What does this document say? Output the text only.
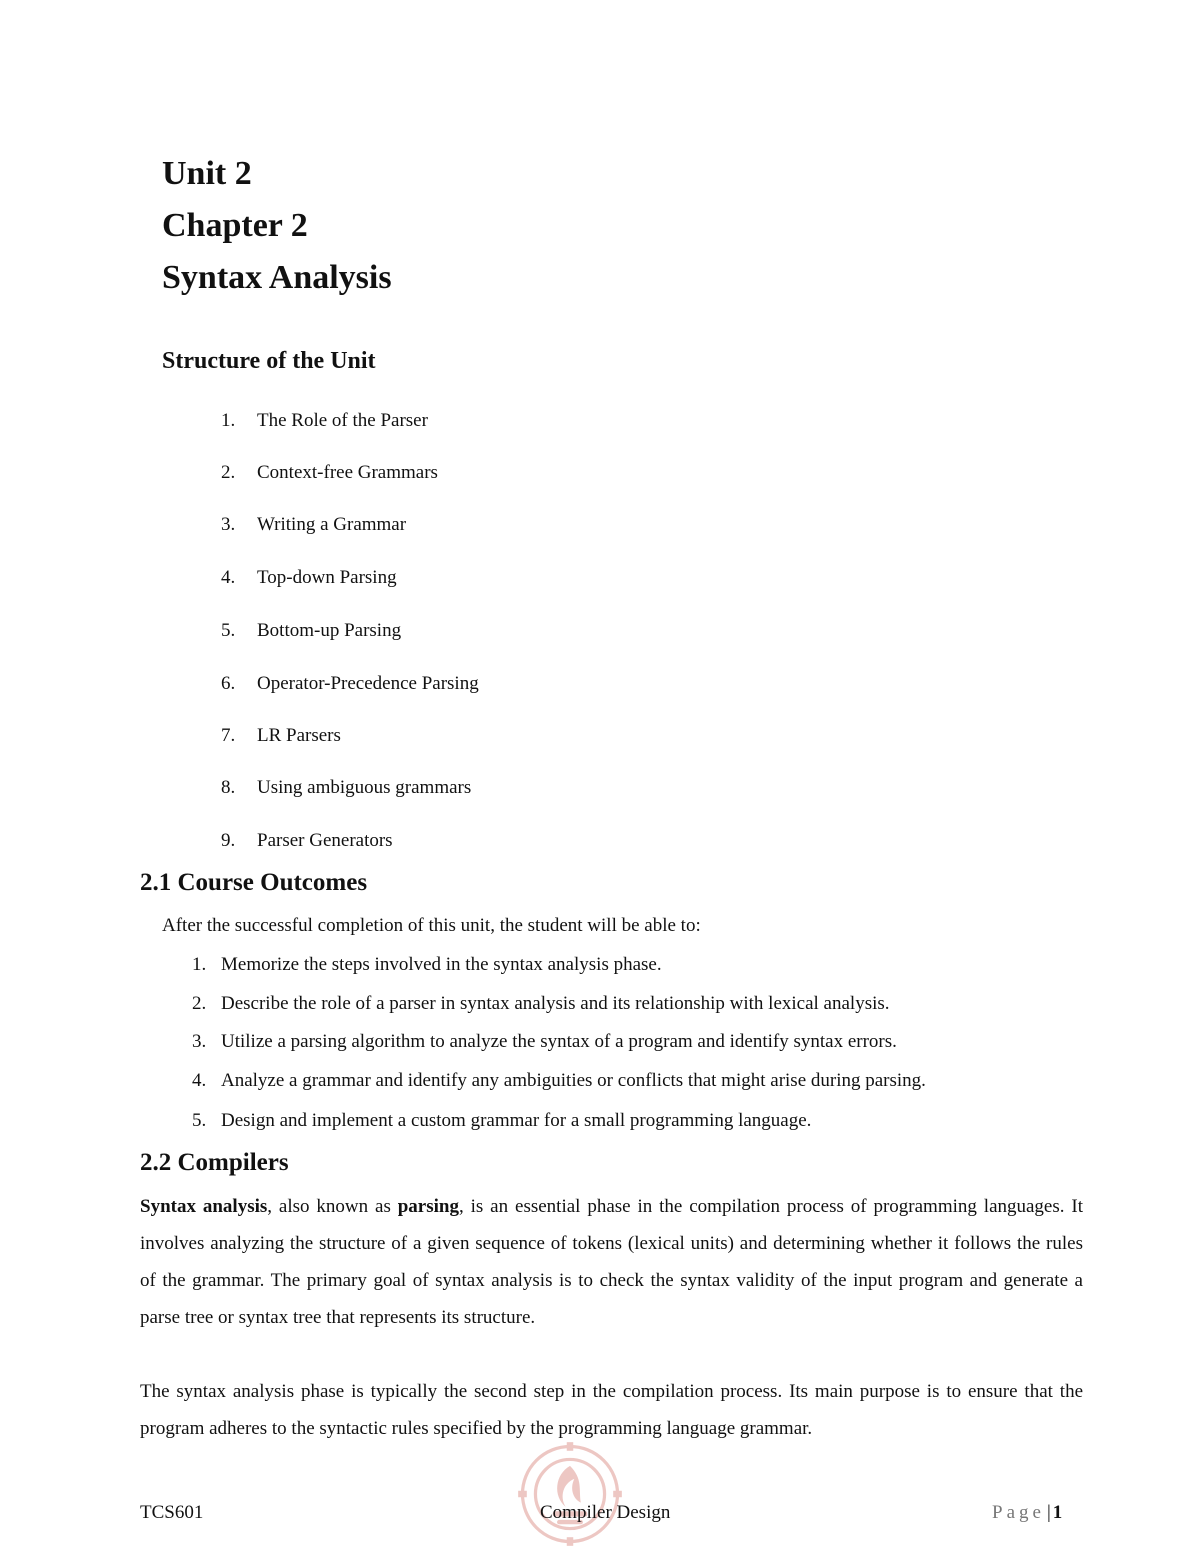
Unit 2
Chapter 2
Syntax Analysis
Structure of the Unit
1.	The Role of the Parser
2.	Context-free Grammars
3.	Writing a Grammar
4.	Top-down Parsing
5.	Bottom-up Parsing
6.	Operator-Precedence Parsing
7.	LR Parsers
8.	Using ambiguous grammars
9.	Parser Generators
2.1 Course Outcomes
After the successful completion of this unit, the student will be able to:
1. Memorize the steps involved in the syntax analysis phase.
2. Describe the role of a parser in syntax analysis and its relationship with lexical analysis.
3. Utilize a parsing algorithm to analyze the syntax of a program and identify syntax errors.
4. Analyze a grammar and identify any ambiguities or conflicts that might arise during parsing.
5. Design and implement a custom grammar for a small programming language.
2.2 Compilers

Syntax analysis, also known as parsing, is an essential phase in the compilation process of programming languages. It involves analyzing the structure of a given sequence of tokens (lexical units) and determining whether it follows the rules of the grammar. The primary goal of syntax analysis is to check the syntax validity of the input program and generate a parse tree or syntax tree that represents its structure.

The syntax analysis phase is typically the second step in the compilation process. Its main purpose is to ensure that the program adheres to the syntactic rules specified by the programming language grammar.

TCS601	Compiler Design	Page | 1
